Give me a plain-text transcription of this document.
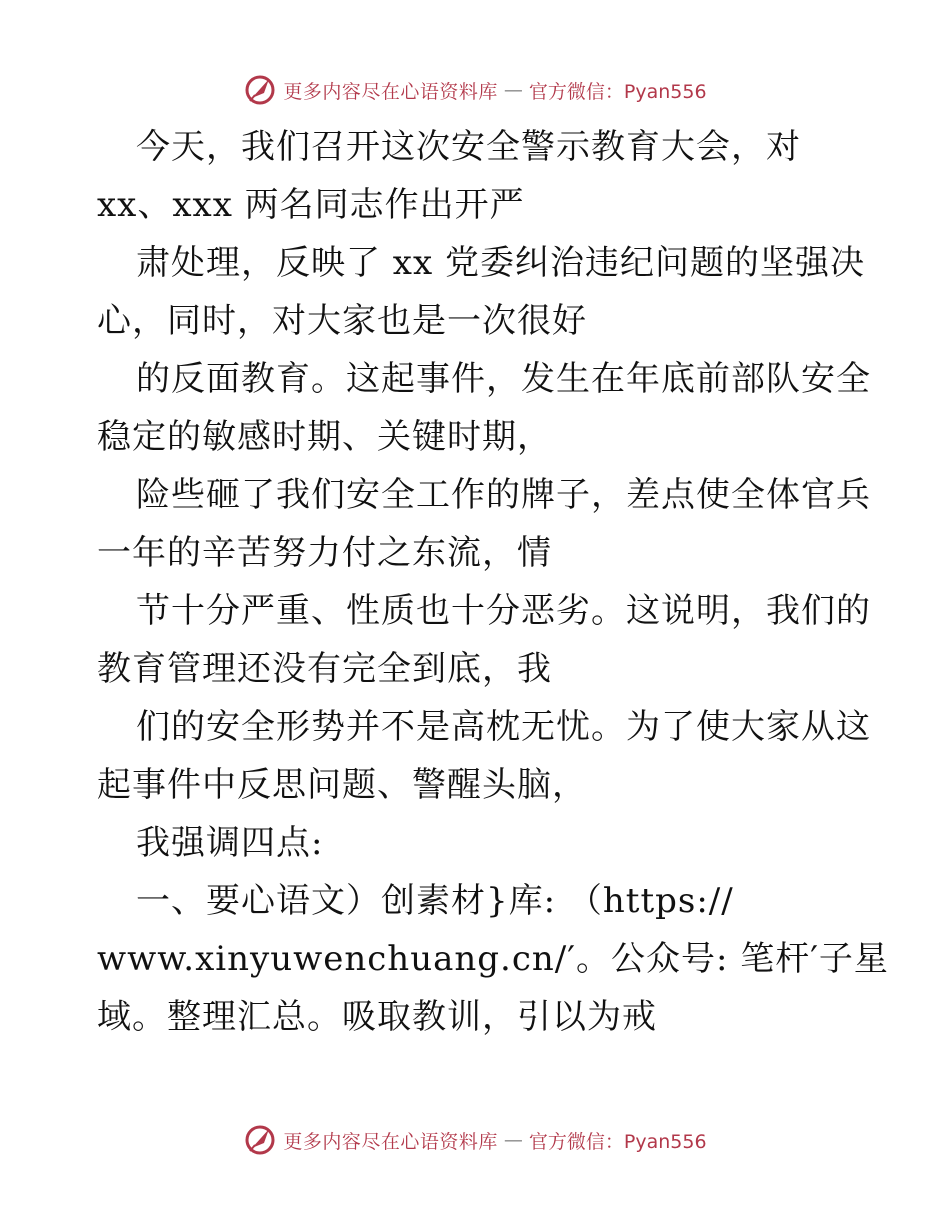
更多内容尽在心语资料库 — 官方微信：Pyan556
今天，我们召开这次安全警示教育大会，对
xx、xxx 两名同志作出开严
肃处理，反映了 xx 党委纠治违纪问题的坚强决
心，同时，对大家也是一次很好
的反面教育。这起事件，发生在年底前部队安全
稳定的敏感时期、关键时期，
险些砸了我们安全工作的牌子，差点使全体官兵
一年的辛苦努力付之东流，情
节十分严重、性质也十分恶劣。这说明，我们的
教育管理还没有完全到底，我
们的安全形势并不是高枕无忧。为了使大家从这
起事件中反思问题、警醒头脑，
我强调四点:
一、要心语文）创素材}库: （https://
www.xinyuwenchuang.cn/′。公众号: 笔杆′子星
域。整理汇总。吸取教训，引以为戒
更多内容尽在心语资料库 — 官方微信：Pyan556
